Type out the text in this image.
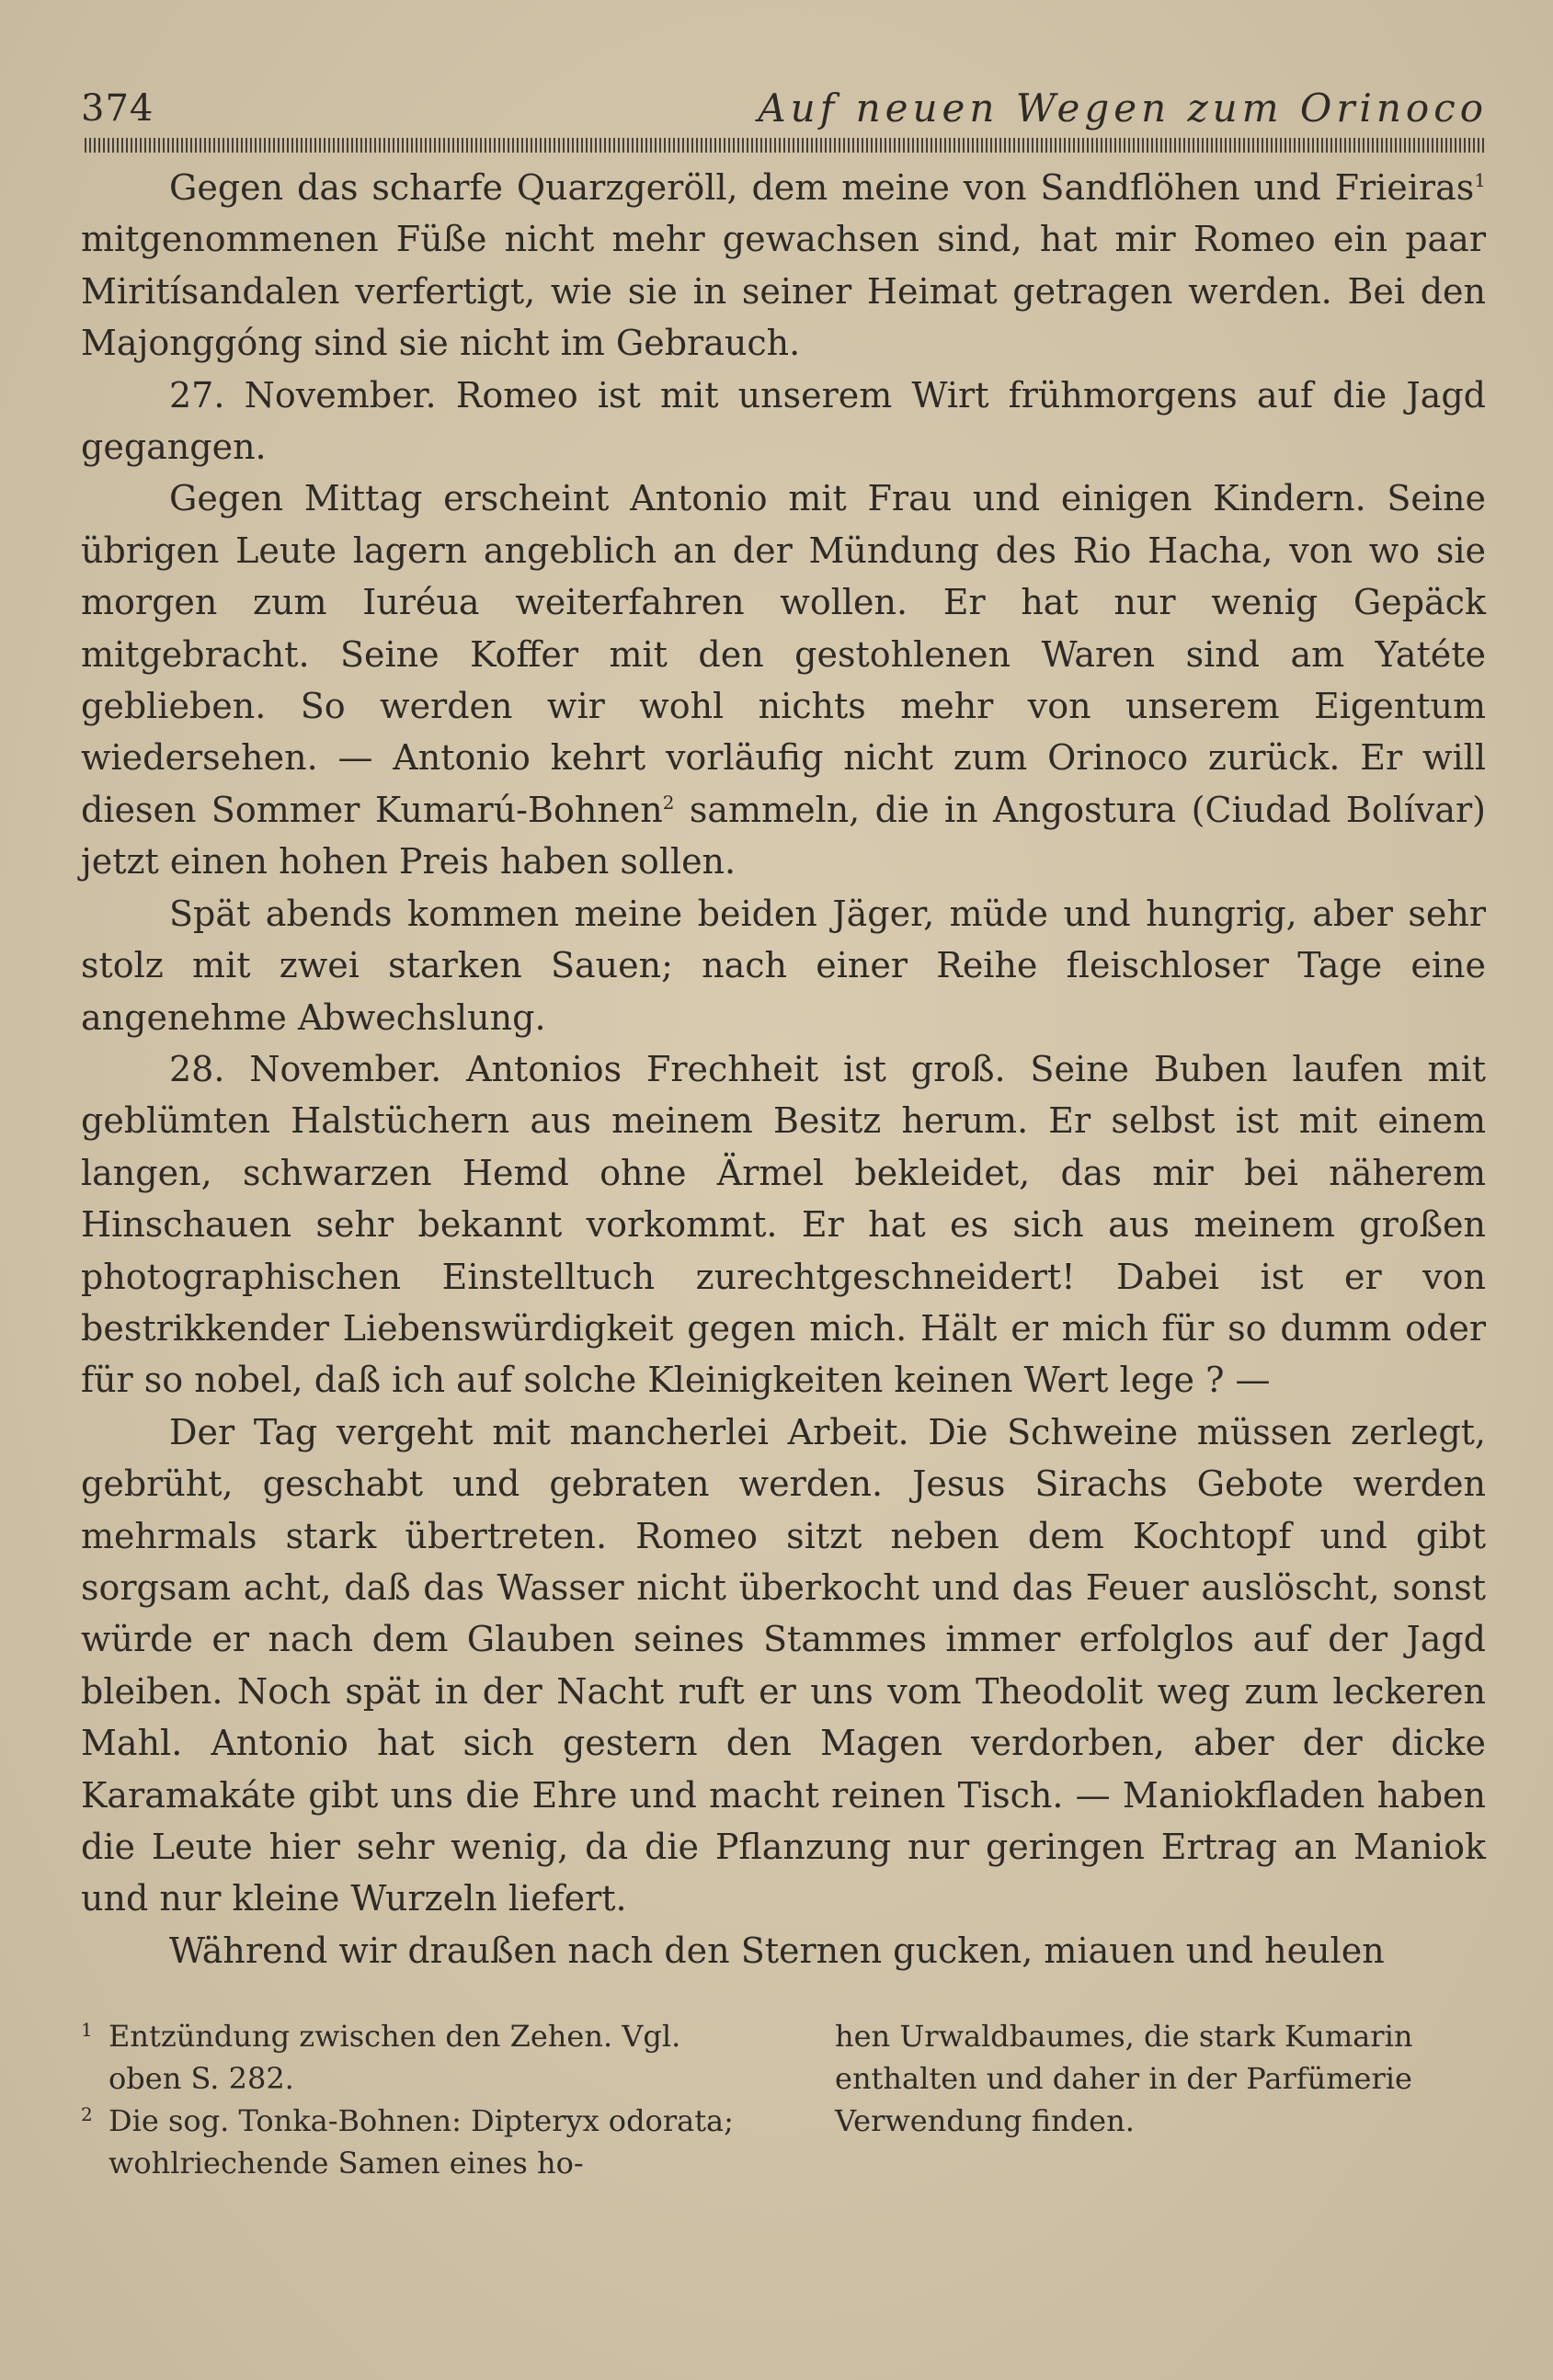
374	Auf neuen Wegen zum Orinoco

Gegen das scharfe Quarzgeröll, dem meine von Sandflöhen und Frieiras$^1$ mitgenommenen Füße nicht mehr gewachsen sind, hat mir Romeo ein paar Miritísandalen verfertigt, wie sie in seiner Heimat getragen werden. Bei den Majonggóng sind sie nicht im Gebrauch.

27. November. Romeo ist mit unserem Wirt frühmorgens auf die Jagd gegangen.

Gegen Mittag erscheint Antonio mit Frau und einigen Kindern. Seine übrigen Leute lagern angeblich an der Mündung des Rio Hacha, von wo sie morgen zum Iuréua weiterfahren wollen. Er hat nur wenig Gepäck mitgebracht. Seine Koffer mit den gestohlenen Waren sind am Yatéte geblieben. So werden wir wohl nichts mehr von unserem Eigentum wiedersehen. — Antonio kehrt vorläufig nicht zum Orinoco zurück. Er will diesen Sommer Kumarú-Bohnen$^2$ sammeln, die in Angostura (Ciudad Bolívar) jetzt einen hohen Preis haben sollen.

Spät abends kommen meine beiden Jäger, müde und hungrig, aber sehr stolz mit zwei starken Sauen; nach einer Reihe fleischloser Tage eine angenehme Abwechslung.

28. November. Antonios Frechheit ist groß. Seine Buben laufen mit geblümten Halstüchern aus meinem Besitz herum. Er selbst ist mit einem langen, schwarzen Hemd ohne Ärmel bekleidet, das mir bei näherem Hinschauen sehr bekannt vorkommt. Er hat es sich aus meinem großen photographischen Einstelltuch zurechtgeschneidert! Dabei ist er von bestrikkender Liebenswürdigkeit gegen mich. Hält er mich für so dumm oder für so nobel, daß ich auf solche Kleinigkeiten keinen Wert lege ? —

Der Tag vergeht mit mancherlei Arbeit. Die Schweine müssen zerlegt, gebrüht, geschabt und gebraten werden. Jesus Sirachs Gebote werden mehrmals stark übertreten. Romeo sitzt neben dem Kochtopf und gibt sorgsam acht, daß das Wasser nicht überkocht und das Feuer auslöscht, sonst würde er nach dem Glauben seines Stammes immer erfolglos auf der Jagd bleiben. Noch spät in der Nacht ruft er uns vom Theodolit weg zum leckeren Mahl. Antonio hat sich gestern den Magen verdorben, aber der dicke Karamakáte gibt uns die Ehre und macht reinen Tisch. — Maniokfladen haben die Leute hier sehr wenig, da die Pflanzung nur geringen Ertrag an Maniok und nur kleine Wurzeln liefert.

Während wir draußen nach den Sternen gucken, miauen und heulen

1 Entzündung zwischen den Zehen. Vgl. oben S. 282.
2 Die sog. Tonka-Bohnen: Dipteryx odorata; wohlriechende Samen eines ho-
hen Urwaldbaumes, die stark Kumarin enthalten und daher in der Parfümerie Verwendung finden.
